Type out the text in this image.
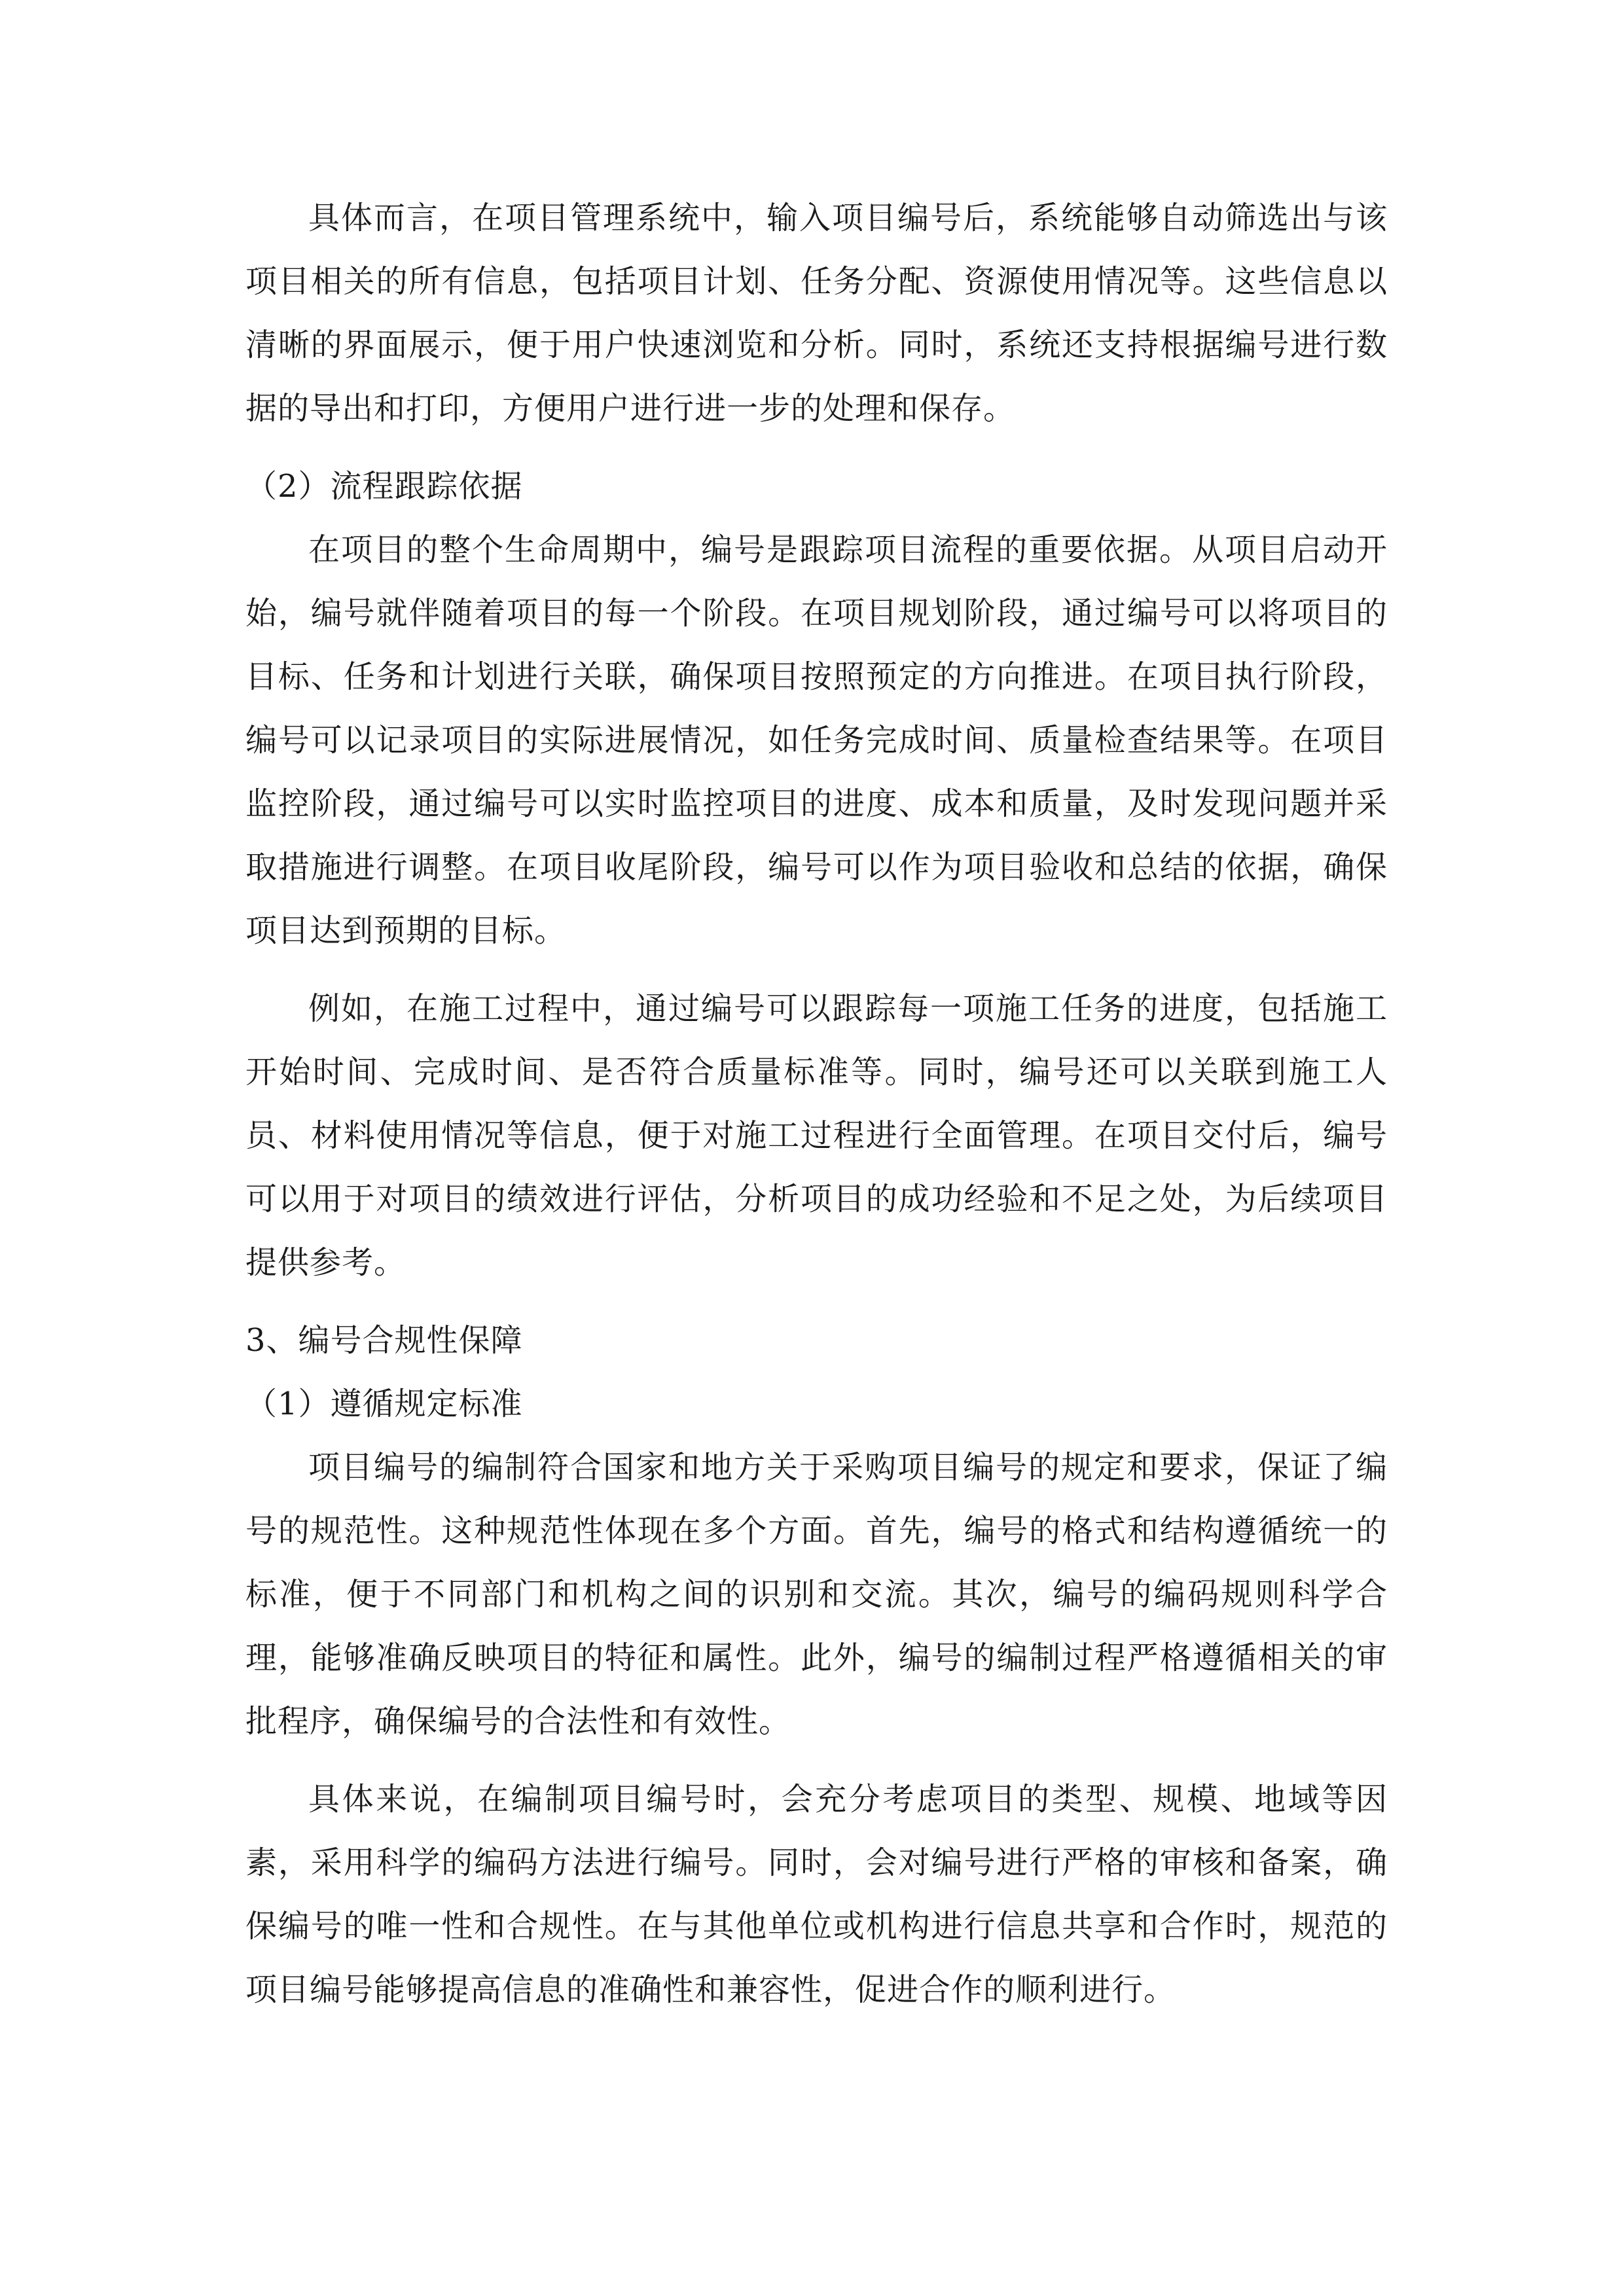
具体而言，在项目管理系统中，输入项目编号后，系统能够自动筛选出与该项目相关的所有信息，包括项目计划、任务分配、资源使用情况等。这些信息以清晰的界面展示，便于用户快速浏览和分析。同时，系统还支持根据编号进行数据的导出和打印，方便用户进行进一步的处理和保存。

（2）流程跟踪依据

在项目的整个生命周期中，编号是跟踪项目流程的重要依据。从项目启动开始，编号就伴随着项目的每一个阶段。在项目规划阶段，通过编号可以将项目的目标、任务和计划进行关联，确保项目按照预定的方向推进。在项目执行阶段，编号可以记录项目的实际进展情况，如任务完成时间、质量检查结果等。在项目监控阶段，通过编号可以实时监控项目的进度、成本和质量，及时发现问题并采取措施进行调整。在项目收尾阶段，编号可以作为项目验收和总结的依据，确保项目达到预期的目标。

例如，在施工过程中，通过编号可以跟踪每一项施工任务的进度，包括施工开始时间、完成时间、是否符合质量标准等。同时，编号还可以关联到施工人员、材料使用情况等信息，便于对施工过程进行全面管理。在项目交付后，编号可以用于对项目的绩效进行评估，分析项目的成功经验和不足之处，为后续项目提供参考。

3、编号合规性保障

（1）遵循规定标准

项目编号的编制符合国家和地方关于采购项目编号的规定和要求，保证了编号的规范性。这种规范性体现在多个方面。首先，编号的格式和结构遵循统一的标准，便于不同部门和机构之间的识别和交流。其次，编号的编码规则科学合理，能够准确反映项目的特征和属性。此外，编号的编制过程严格遵循相关的审批程序，确保编号的合法性和有效性。

具体来说，在编制项目编号时，会充分考虑项目的类型、规模、地域等因素，采用科学的编码方法进行编号。同时，会对编号进行严格的审核和备案，确保编号的唯一性和合规性。在与其他单位或机构进行信息共享和合作时，规范的项目编号能够提高信息的准确性和兼容性，促进合作的顺利进行。
